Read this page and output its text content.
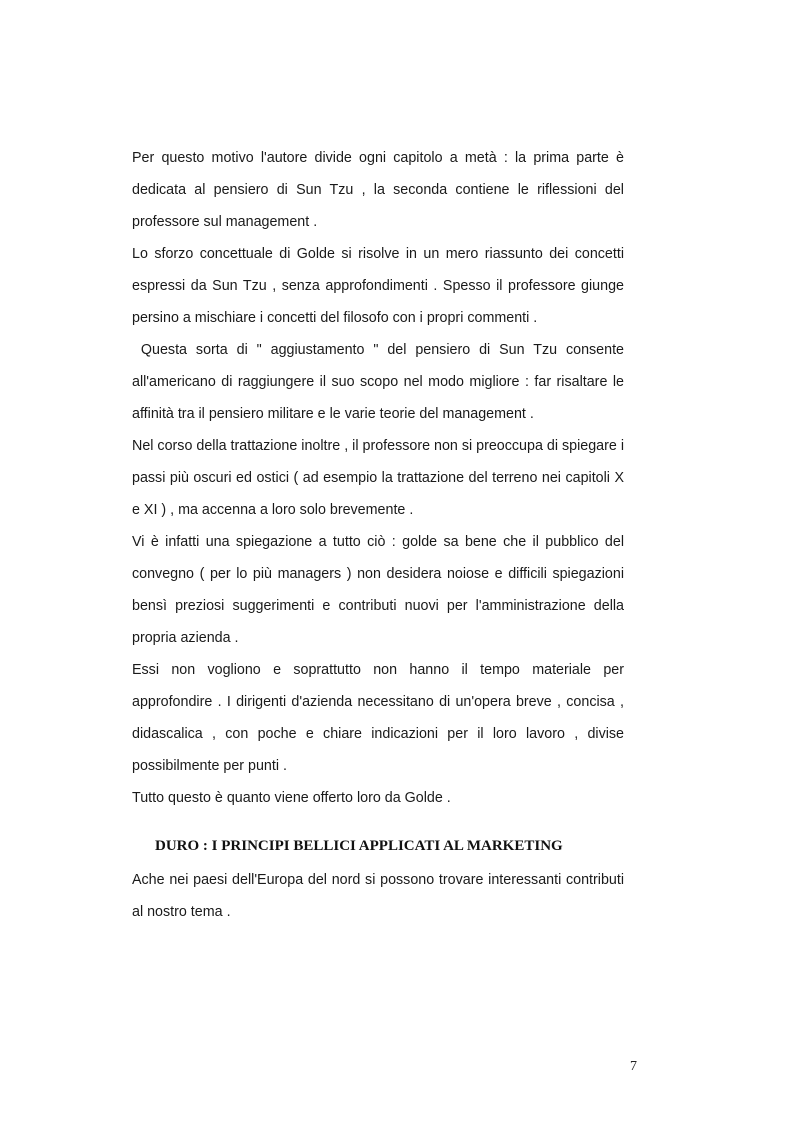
Per questo motivo l'autore divide ogni capitolo a metà : la prima parte è dedicata al pensiero di Sun Tzu , la seconda contiene le riflessioni del professore sul management .

Lo sforzo concettuale di Golde si risolve in un mero riassunto dei concetti espressi da Sun Tzu , senza approfondimenti . Spesso il professore giunge persino a mischiare i concetti del filosofo con i propri commenti .

Questa sorta di " aggiustamento " del pensiero di Sun Tzu consente all'americano di raggiungere il suo scopo nel modo migliore : far risaltare le affinità tra il pensiero militare e le varie teorie del management .

Nel corso della trattazione inoltre , il professore non si preoccupa di spiegare i passi più oscuri ed ostici ( ad esempio la trattazione del terreno nei capitoli X e XI ) , ma accenna a loro solo brevemente .

Vi è infatti una spiegazione a tutto ciò : golde sa bene che il pubblico del convegno ( per lo più managers ) non desidera noiose e difficili spiegazioni bensì preziosi suggerimenti e contributi nuovi per l'amministrazione della propria azienda .

Essi non vogliono e soprattutto non hanno il tempo materiale per approfondire . I dirigenti d'azienda necessitano di un'opera breve , concisa , didascalica , con poche e chiare indicazioni per il loro lavoro , divise possibilmente per punti .

Tutto questo è quanto viene offerto loro da Golde .

DURO : I PRINCIPI BELLICI APPLICATI AL MARKETING

Ache nei paesi dell'Europa del nord si possono trovare interessanti contributi al nostro tema .

7
